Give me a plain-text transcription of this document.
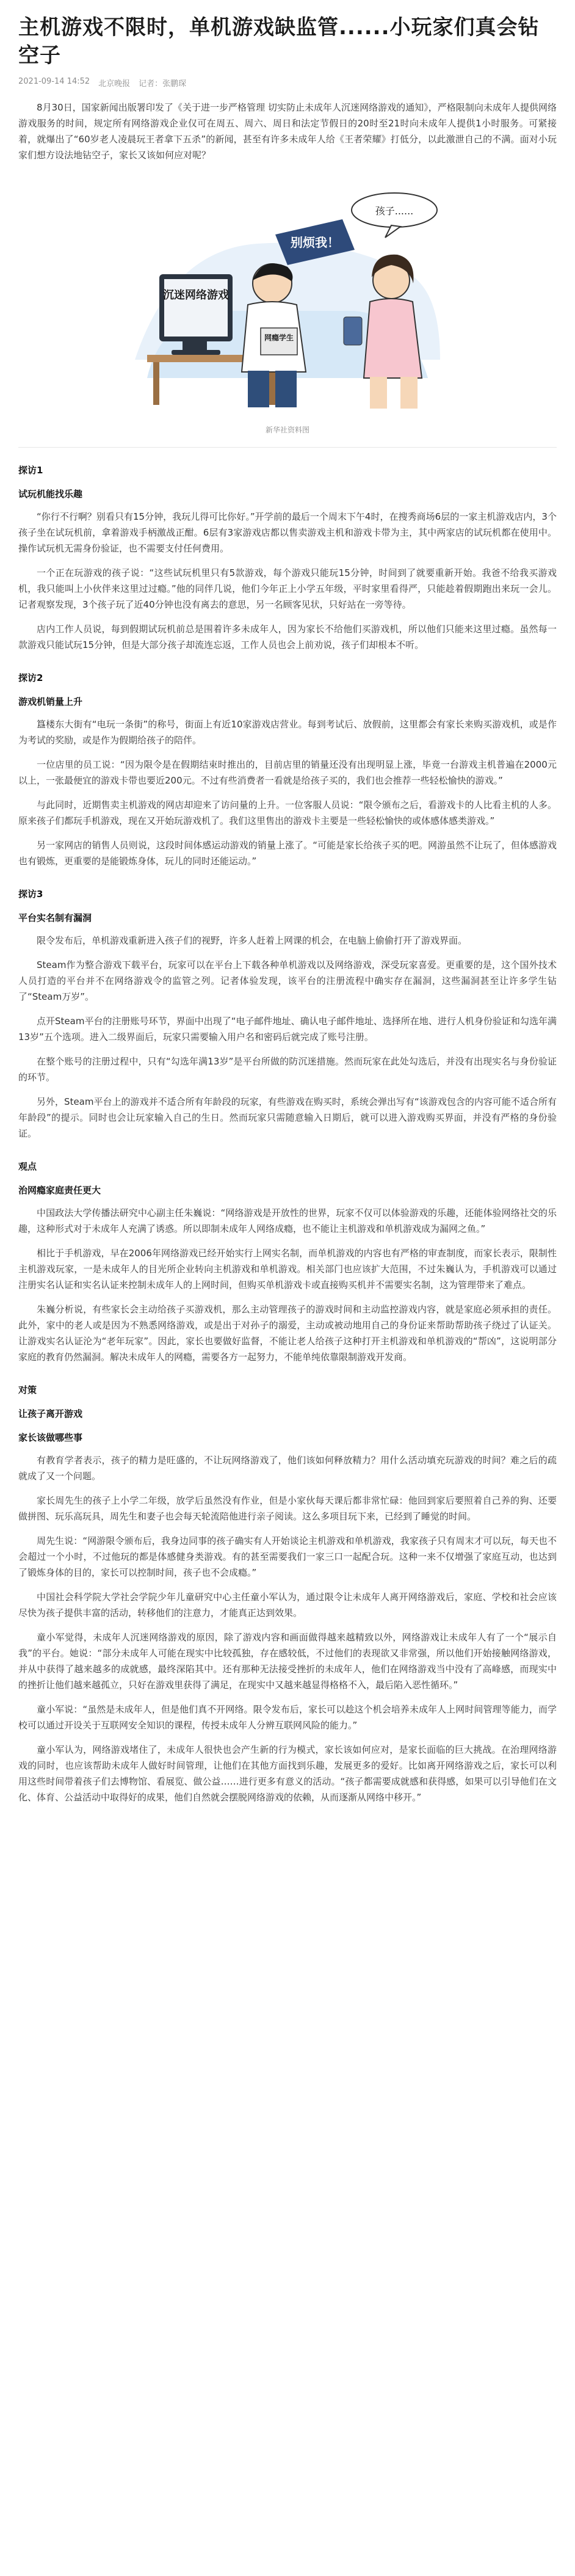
主机游戏不限时，单机游戏缺监管......小玩家们真会钻空子
2021-09-14 14:52 北京晚报 记者：张鹏琛

8月30日，国家新闻出版署印发了《关于进一步严格管理 切实防止未成年人沉迷网络游戏的通知》，严格限制向未成年人提供网络游戏服务的时间，规定所有网络游戏企业仅可在周五、周六、周日和法定节假日的20时至21时向未成年人提供1小时服务。可紧接着，就爆出了“60岁老人凌晨玩王者拿下五杀”的新闻，甚至有许多未成年人给《王者荣耀》打低分，以此激泄自己的不满。面对小玩家们想方设法地钻空子，家长又该如何应对呢？

沉迷网络游戏
网瘾学生
别烦我！
孩子......
新华社资料图
探访1
试玩机能找乐趣

“你行不行啊？别看只有15分钟，我玩儿得可比你好。”开学前的最后一个周末下午4时，在搜秀商场6层的一家主机游戏店内，3个孩子坐在试玩机前，拿着游戏手柄激战正酣。6层有3家游戏店都以售卖游戏主机和游戏卡带为主，其中两家店的试玩机都在使用中。操作试玩机无需身份验证，也不需要支付任何费用。

一个正在玩游戏的孩子说：“这些试玩机里只有5款游戏，每个游戏只能玩15分钟，时间到了就要重新开始。我爸不给我买游戏机，我只能叫上小伙伴来这里过过瘾。”他的同伴几说，他们今年正上小学五年级，平时家里看得严，只能趁着假期跑出来玩一会儿。记者观察发现，3个孩子玩了近40分钟也没有离去的意思，另一名顾客见状，只好站在一旁等待。

店内工作人员说，每到假期试玩机前总是围着许多未成年人，因为家长不给他们买游戏机，所以他们只能来这里过瘾。虽然每一款游戏只能试玩15分钟，但是大部分孩子却流连忘返，工作人员也会上前劝说，孩子们却根本不听。

探访2
游戏机销量上升

簋楼东大街有“电玩一条街”的称号，街面上有近10家游戏店营业。每到考试后、放假前，这里都会有家长来购买游戏机，或是作为考试的奖励，或是作为假期给孩子的陪伴。

一位店里的员工说：“因为限令是在假期结束时推出的，目前店里的销量还没有出现明显上涨，毕竟一台游戏主机普遍在2000元以上，一张最便宜的游戏卡带也要近200元。不过有些消费者一看就是给孩子买的，我们也会推荐一些轻松愉快的游戏。”

与此同时，近期售卖主机游戏的网店却迎来了访问量的上升。一位客服人员说：“限令颁布之后，看游戏卡的人比看主机的人多。原来孩子们都玩手机游戏，现在又开始玩游戏机了。我们这里售出的游戏卡主要是一些轻松愉快的或体感体感类游戏。”

另一家网店的销售人员则说，这段时间体感运动游戏的销量上涨了。“可能是家长给孩子买的吧。网游虽然不让玩了，但体感游戏也有锻炼，更重要的是能锻炼身体，玩儿的同时还能运动。”

探访3
平台实名制有漏洞

限令发布后，单机游戏重新进入孩子们的视野，许多人赶着上网课的机会，在电脑上偷偷打开了游戏界面。

Steam作为整合游戏下载平台，玩家可以在平台上下载各种单机游戏以及网络游戏，深受玩家喜爱。更重要的是，这个国外技术人员打造的平台并不在网络游戏令的监管之列。记者体验发现，该平台的注册流程中确实存在漏洞，这些漏洞甚至让许多学生钻了“Steam万岁”。

点开Steam平台的注册账号环节，界面中出现了“电子邮件地址、确认电子邮件地址、选择所在地、进行人机身份验证和勾选年满13岁”五个选项。进入二级界面后，玩家只需要输入用户名和密码后就完成了账号注册。

在整个账号的注册过程中，只有“勾选年满13岁”是平台所做的防沉迷措施。然而玩家在此处勾选后，并没有出现实名与身份验证的环节。

另外，Steam平台上的游戏并不适合所有年龄段的玩家，有些游戏在购买时，系统会弹出写有“该游戏包含的内容可能不适合所有年龄段”的提示。同时也会让玩家输入自己的生日。然而玩家只需随意输入日期后，就可以进入游戏购买界面，并没有严格的身份验证。

观点
治网瘾家庭责任更大

中国政法大学传播法研究中心副主任朱巍说：“网络游戏是开放性的世界，玩家不仅可以体验游戏的乐趣，还能体验网络社交的乐趣，这种形式对于未成年人充满了诱惑。所以即制未成年人网络成瘾，也不能让主机游戏和单机游戏成为漏网之鱼。”

相比于手机游戏，早在2006年网络游戏已经开始实行上网实名制，而单机游戏的内容也有严格的审查制度，而家长表示，限制性主机游戏玩家，一是未成年人的目光所企业转向主机游戏和单机游戏。相关部门也应该扩大范围，不过朱巍认为，手机游戏可以通过注册实名认证和实名认证来控制未成年人的上网时间，但购买单机游戏卡或直接购买机并不需要实名制，这为管理带来了难点。

朱巍分析说，有些家长会主动给孩子买游戏机，那么主动管理孩子的游戏时间和主动监控游戏内容，就是家庭必须承担的责任。此外，家中的老人或是因为不熟悉网络游戏，或是出于对孙子的溺爱，主动或被动地用自己的身份证来帮助帮助孩子绕过了认证关。让游戏实名认证沦为“老年玩家”。因此，家长也要做好监督，不能让老人给孩子这种打开主机游戏和单机游戏的“帮凶”，这说明部分家庭的教育仍然漏洞。解决未成年人的网瘾，需要各方一起努力，不能单纯依靠限制游戏开发商。

对策
让孩子离开游戏
家长该做哪些事

有教育学者表示，孩子的精力是旺盛的，不让玩网络游戏了，他们该如何释放精力？用什么活动填充玩游戏的时间？难之后的疏就成了又一个问题。

家长周先生的孩子上小学二年级，放学后虽然没有作业，但是小家伙每天课后都非常忙碌：他回到家后要照着自己养的狗、还要做拼图、玩乐高玩具，周先生和妻子也会每天轮流陪他进行亲子阅读。这么多项目玩下来，已经到了睡觉的时间。

周先生说：“网游限令颁布后，我身边同事的孩子确实有人开始谈论主机游戏和单机游戏，我家孩子只有周末才可以玩，每天也不会超过一个小时，不过他玩的都是体感健身类游戏。有的甚至需要我们一家三口一起配合玩。这种一来不仅增强了家庭互动，也达到了锻炼身体的目的，家长可以控制时间，孩子也不会成瘾。”

中国社会科学院大学社会学院少年儿童研究中心主任童小军认为，通过限令让未成年人离开网络游戏后，家庭、学校和社会应该尽快为孩子提供丰富的活动，转移他们的注意力，才能真正达到效果。

童小军觉得，未成年人沉迷网络游戏的原因，除了游戏内容和画面做得越来越精致以外，网络游戏让未成年人有了一个“展示自我”的平台。她说：“部分未成年人可能在现实中比较孤独，存在感较低，不过他们的表现欲又非常强，所以他们开始接触网络游戏，并从中获得了越来越多的成就感，最终深陷其中。还有那种无法接受挫折的未成年人，他们在网络游戏当中没有了高峰感，而现实中的挫折让他们越来越孤立，只好在游戏里获得了满足，在现实中又越来越显得格格不入，最后陷入恶性循环。”

童小军说：“虽然是未成年人，但是他们真不开网络。限令发布后，家长可以趁这个机会培养未成年人上网时间管理等能力，而学校可以通过开设关于互联网安全知识的课程，传授未成年人分辨互联网风险的能力。”

童小军认为，网络游戏堵住了，未成年人很快也会产生新的行为模式，家长该如何应对，是家长面临的巨大挑战。在治理网络游戏的同时，也应该帮助未成年人做好时间管理，让他们在其他方面找到乐趣，发展更多的爱好。比如离开网络游戏之后，家长可以利用这些时间带着孩子们去博物馆、看展览、做公益……进行更多有意义的活动。“孩子都需要成就感和获得感，如果可以引导他们在文化、体育、公益活动中取得好的成果，他们自然就会摆脱网络游戏的依赖，从而逐渐从网络中移开。”
